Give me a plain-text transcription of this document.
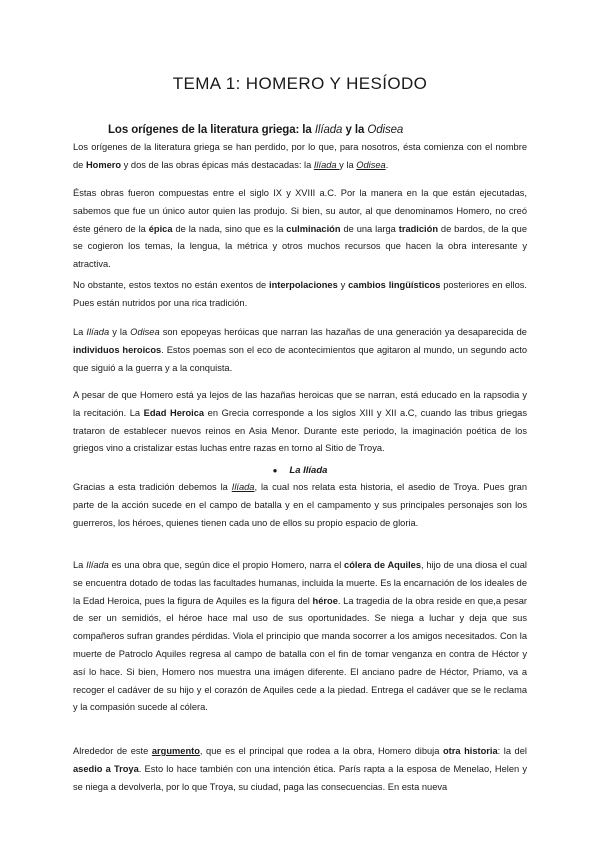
TEMA 1: HOMERO Y HESÍODO
Los orígenes de la literatura griega: la Ilíada y la Odisea

Los orígenes de la literatura griega se han perdido, por lo que, para nosotros, ésta comienza con el nombre de Homero y dos de las obras épicas más destacadas: la Ilíada y la Odisea.

Éstas obras fueron compuestas entre el siglo IX y XVIII a.C. Por la manera en la que están ejecutadas, sabemos que fue un único autor quien las produjo. Si bien, su autor, al que denominamos Homero, no creó éste género de la épica de la nada, sino que es la culminación de una larga tradición de bardos, de la que se cogieron los temas, la lengua, la métrica y otros muchos recursos que hacen la obra interesante y atractiva.

No obstante, estos textos no están exentos de interpolaciones y cambios lingüísticos posteriores en ellos. Pues están nutridos por una rica tradición.

La Ilíada y la Odisea son epopeyas heróicas que narran las hazañas de una generación ya desaparecida de individuos heroicos. Estos poemas son el eco de acontecimientos que agitaron al mundo, un segundo acto que siguió a la guerra y a la conquista.

A pesar de que Homero está ya lejos de las hazañas heroicas que se narran, está educado en la rapsodia y la recitación. La Edad Heroica en Grecia corresponde a los siglos XIII y XII a.C, cuando las tribus griegas trataron de establecer nuevos reinos en Asia Menor. Durante este periodo, la imaginación poética de los griegos vino a cristalizar estas luchas entre razas en torno al Sitio de Troya.

● La Ilíada

Gracias a esta tradición debemos la Ilíada, la cual nos relata esta historia, el asedio de Troya. Pues gran parte de la acción sucede en el campo de batalla y en el campamento y sus principales personajes son los guerreros, los héroes, quienes tienen cada uno de ellos su propio espacio de gloria.

La Ilíada es una obra que, según dice el propio Homero, narra el cólera de Aquiles, hijo de una diosa el cual se encuentra dotado de todas las facultades humanas, incluida la muerte. Es la encarnación de los ideales de la Edad Heroica, pues la figura de Aquiles es la figura del héroe. La tragedia de la obra reside en que,a pesar de ser un semidiós, el héroe hace mal uso de sus oportunidades. Se niega a luchar y deja que sus compañeros sufran grandes pérdidas. Viola el principio que manda socorrer a los amigos necesitados. Con la muerte de Patroclo Aquiles regresa al campo de batalla con el fin de tomar venganza en contra de Héctor y así lo hace. Si bien, Homero nos muestra una imágen diferente. El anciano padre de Héctor, Priamo, va a recoger el cadáver de su hijo y el corazón de Aquiles cede a la piedad. Entrega el cadáver que se le reclama y la compasión sucede al cólera.

Alrededor de este argumento, que es el principal que rodea a la obra, Homero dibuja otra historia: la del asedio a Troya. Esto lo hace también con una intención ética. París rapta a la esposa de Menelao, Helen y se niega a devolverla, por lo que Troya, su ciudad, paga las consecuencias. En esta nueva
